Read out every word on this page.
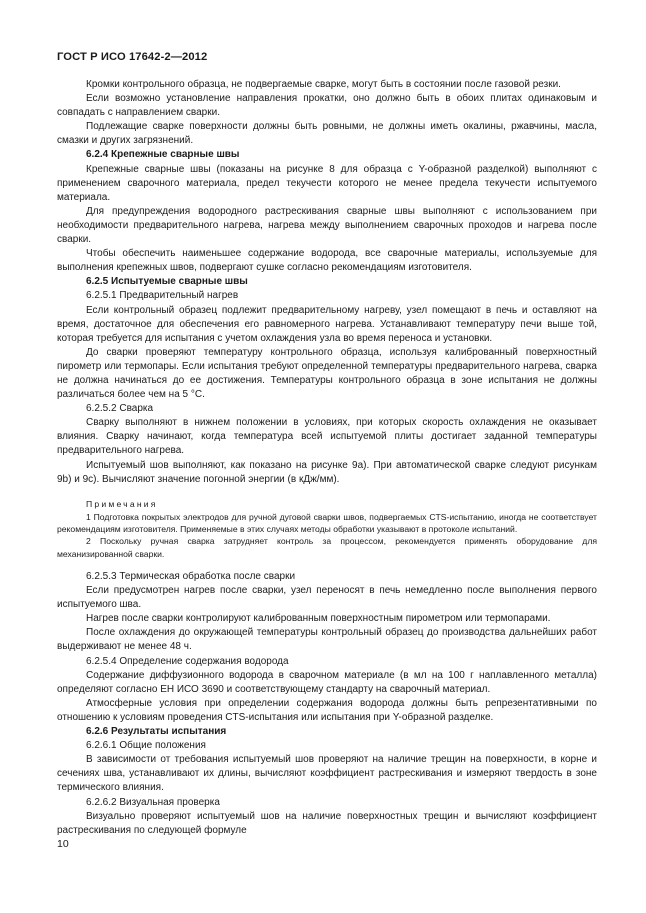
ГОСТ Р ИСО 17642-2—2012

Кромки контрольного образца, не подвергаемые сварке, могут быть в состоянии после газовой резки.

Если возможно установление направления прокатки, оно должно быть в обоих плитах одинаковым и совпадать с направлением сварки.

Подлежащие сварке поверхности должны быть ровными, не должны иметь окалины, ржавчины, масла, смазки и других загрязнений.

6.2.4 Крепежные сварные швы

Крепежные сварные швы (показаны на рисунке 8 для образца с Y-образной разделкой) выполняют с применением сварочного материала, предел текучести которого не менее предела текучести испытуемого материала.

Для предупреждения водородного растрескивания сварные швы выполняют с использованием при необходимости предварительного нагрева, нагрева между выполнением сварочных проходов и нагрева после сварки.

Чтобы обеспечить наименьшее содержание водорода, все сварочные материалы, используемые для выполнения крепежных швов, подвергают сушке согласно рекомендациям изготовителя.

6.2.5 Испытуемые сварные швы

6.2.5.1 Предварительный нагрев

Если контрольный образец подлежит предварительному нагреву, узел помещают в печь и оставляют на время, достаточное для обеспечения его равномерного нагрева. Устанавливают температуру печи выше той, которая требуется для испытания с учетом охлаждения узла во время переноса и установки.

До сварки проверяют температуру контрольного образца, используя калиброванный поверхностный пирометр или термопары. Если испытания требуют определенной температуры предварительного нагрева, сварка не должна начинаться до ее достижения. Температуры контрольного образца в зоне испытания не должны различаться более чем на 5 °С.

6.2.5.2 Сварка

Сварку выполняют в нижнем положении в условиях, при которых скорость охлаждения не оказывает влияния. Сварку начинают, когда температура всей испытуемой плиты достигает заданной температуры предварительного нагрева.

Испытуемый шов выполняют, как показано на рисунке 9а). При автоматической сварке следуют рисункам 9b) и 9с). Вычисляют значение погонной энергии (в кДж/мм).

Примечания

1 Подготовка покрытых электродов для ручной дуговой сварки швов, подвергаемых CTS-испытанию, иногда не соответствует рекомендациям изготовителя. Применяемые в этих случаях методы обработки указывают в протоколе испытаний.

2 Поскольку ручная сварка затрудняет контроль за процессом, рекомендуется применять оборудование для механизированной сварки.

6.2.5.3 Термическая обработка после сварки

Если предусмотрен нагрев после сварки, узел переносят в печь немедленно после выполнения первого испытуемого шва.

Нагрев после сварки контролируют калиброванным поверхностным пирометром или термопарами.

После охлаждения до окружающей температуры контрольный образец до производства дальнейших работ выдерживают не менее 48 ч.

6.2.5.4 Определение содержания водорода

Содержание диффузионного водорода в сварочном материале (в мл на 100 г наплавленного металла) определяют согласно ЕН ИСО 3690 и соответствующему стандарту на сварочный материал.

Атмосферные условия при определении содержания водорода должны быть репрезентативными по отношению к условиям проведения CTS-испытания или испытания при Y-образной разделке.

6.2.6 Результаты испытания

6.2.6.1 Общие положения

В зависимости от требования испытуемый шов проверяют на наличие трещин на поверхности, в корне и сечениях шва, устанавливают их длины, вычисляют коэффициент растрескивания и измеряют твердость в зоне термического влияния.

6.2.6.2 Визуальная проверка

Визуально проверяют испытуемый шов на наличие поверхностных трещин и вычисляют коэффициент растрескивания по следующей формуле

10
